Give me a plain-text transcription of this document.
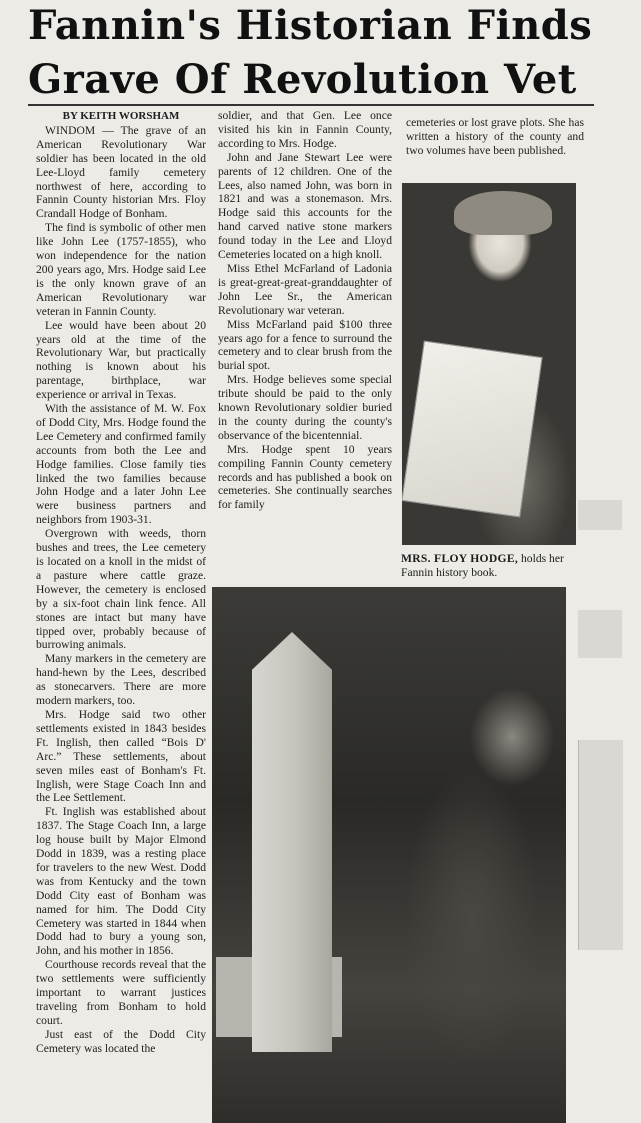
Fannin's Historian Finds
Grave Of Revolution Vet
BY KEITH WORSHAM

WINDOM — The grave of an American Revolutionary War soldier has been located in the old Lee-Lloyd family cemetery northwest of here, according to Fannin County historian Mrs. Floy Crandall Hodge of Bonham.

The find is symbolic of other men like John Lee (1757-1855), who won independence for the nation 200 years ago, Mrs. Hodge said Lee is the only known grave of an American Revolutionary war veteran in Fannin County.

Lee would have been about 20 years old at the time of the Revolutionary War, but practically nothing is known about his parentage, birthplace, war experience or arrival in Texas.

With the assistance of M. W. Fox of Dodd City, Mrs. Hodge found the Lee Cemetery and confirmed family accounts from both the Lee and Hodge families. Close family ties linked the two families because John Hodge and a later John Lee were business partners and neighbors from 1903-31.

Overgrown with weeds, thorn bushes and trees, the Lee cemetery is located on a knoll in the midst of a pasture where cattle graze. However, the cemetery is enclosed by a six-foot chain link fence. All stones are intact but many have tipped over, probably because of burrowing animals.

Many markers in the cemetery are hand-hewn by the Lees, described as stonecarvers. There are more modern markers, too.

Mrs. Hodge said two other settlements existed in 1843 besides Ft. Inglish, then called “Bois D' Arc.” These settlements, about seven miles east of Bonham's Ft. Inglish, were Stage Coach Inn and the Lee Settlement.

Ft. Inglish was established about 1837. The Stage Coach Inn, a large log house built by Major Elmond Dodd in 1839, was a resting place for travelers to the new West. Dodd was from Kentucky and the town Dodd City east of Bonham was named for him. The Dodd City Cemetery was started in 1844 when Dodd had to bury a young son, John, and his mother in 1856.

Courthouse records reveal that the two settlements were sufficiently important to warrant justices traveling from Bonham to hold court.

Just east of the Dodd City Cemetery was located the

soldier, and that Gen. Lee once visited his kin in Fannin County, according to Mrs. Hodge.

John and Jane Stewart Lee were parents of 12 children. One of the Lees, also named John, was born in 1821 and was a stonemason. Mrs. Hodge said this accounts for the hand carved native stone markers found today in the Lee and Lloyd Cemeteries located on a high knoll.

Miss Ethel McFarland of Ladonia is great-great-great-granddaughter of John Lee Sr., the American Revolutionary war veteran.

Miss McFarland paid $100 three years ago for a fence to surround the cemetery and to clear brush from the burial spot.

Mrs. Hodge believes some special tribute should be paid to the only known Revolutionary soldier buried in the county during the county's observance of the bicentennial.

Mrs. Hodge spent 10 years compiling Fannin County cemetery records and has published a book on cemeteries. She continually searches for family

cemeteries or lost grave plots. She has written a history of the county and two volumes have been published.

MRS. FLOY HODGE, holds her Fannin history book.
